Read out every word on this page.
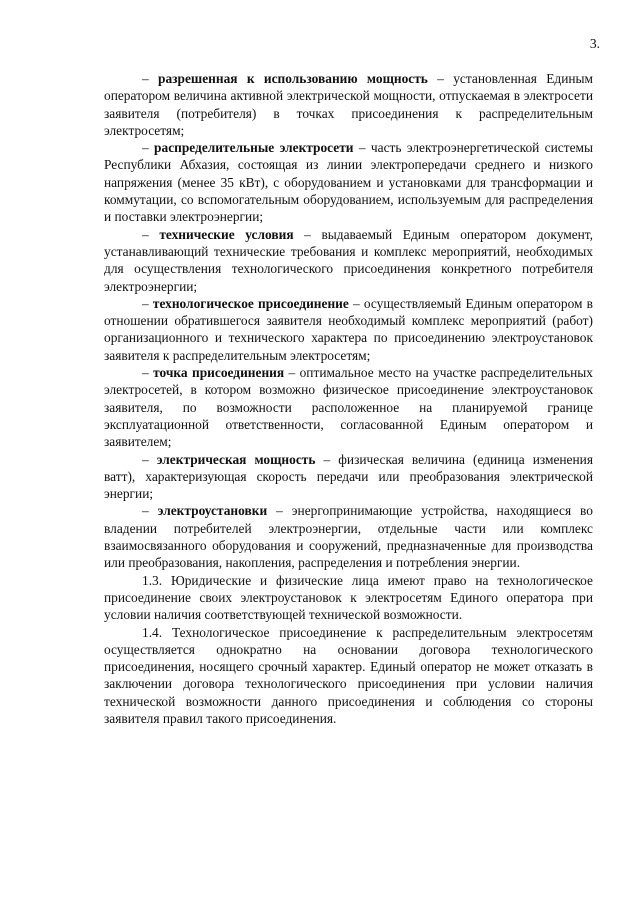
3.

– разрешенная к использованию мощность – установленная Единым оператором величина активной электрической мощности, отпускаемая в электросети заявителя (потребителя) в точках присоединения к распределительным электросетям;

– распределительные электросети – часть электроэнергетической системы Республики Абхазия, состоящая из линии электропередачи среднего и низкого напряжения (менее 35 кВт), с оборудованием и установками для трансформации и коммутации, со вспомогательным оборудованием, используемым для распределения и поставки электроэнергии;

– технические условия – выдаваемый Единым оператором документ, устанавливающий технические требования и комплекс мероприятий, необходимых для осуществления технологического присоединения конкретного потребителя электроэнергии;

– технологическое присоединение – осуществляемый Единым оператором в отношении обратившегося заявителя необходимый комплекс мероприятий (работ) организационного и технического характера по присоединению электроустановок заявителя к распределительным электросетям;

– точка присоединения – оптимальное место на участке распределительных электросетей, в котором возможно физическое присоединение электроустановок заявителя, по возможности расположенное на планируемой границе эксплуатационной ответственности, согласованной Единым оператором и заявителем;

– электрическая мощность – физическая величина (единица изменения ватт), характеризующая скорость передачи или преобразования электрической энергии;

– электроустановки – энергопринимающие устройства, находящиеся во владении потребителей электроэнергии, отдельные части или комплекс взаимосвязанного оборудования и сооружений, предназначенные для производства или преобразования, накопления, распределения и потребления энергии.

1.3. Юридические и физические лица имеют право на технологическое присоединение своих электроустановок к электросетям Единого оператора при условии наличия соответствующей технической возможности.

1.4. Технологическое присоединение к распределительным электросетям осуществляется однократно на основании договора технологического присоединения, носящего срочный характер. Единый оператор не может отказать в заключении договора технологического присоединения при условии наличия технической возможности данного присоединения и соблюдения со стороны заявителя правил такого присоединения.
